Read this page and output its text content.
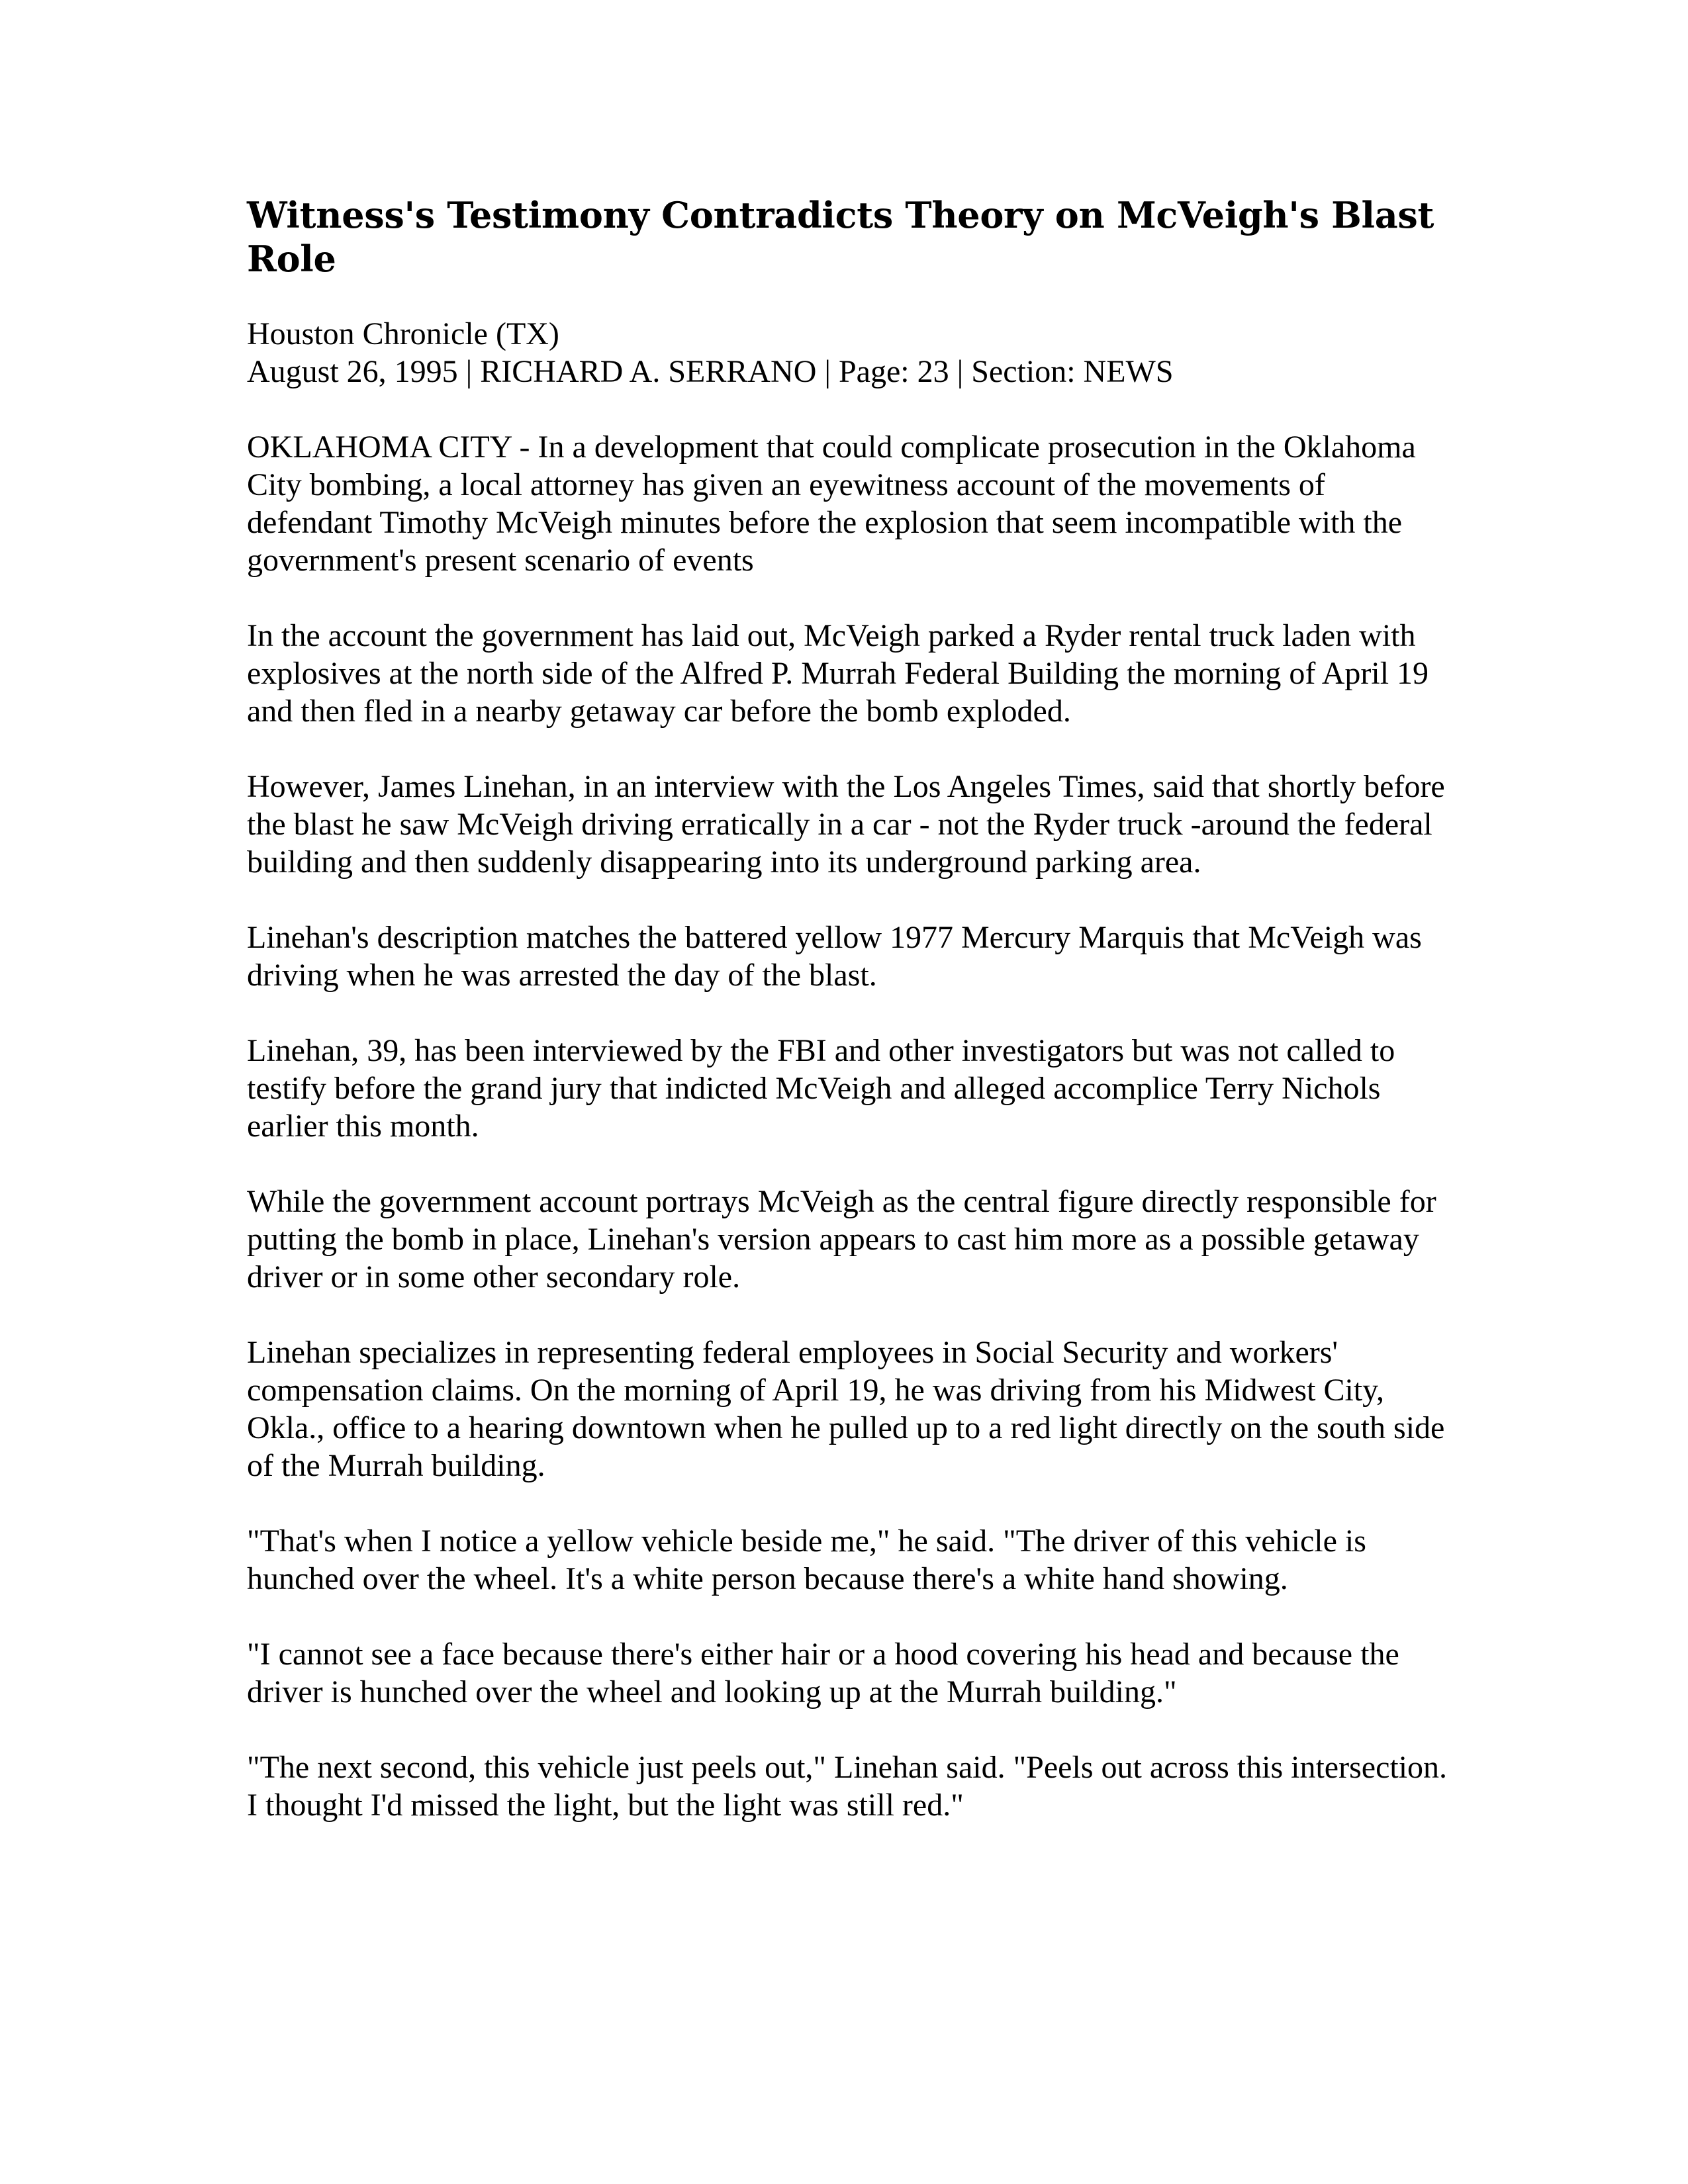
Witness's Testimony Contradicts Theory on McVeigh's Blast Role

Houston Chronicle (TX)

August 26, 1995 | RICHARD A. SERRANO | Page: 23 | Section: NEWS

OKLAHOMA CITY - In a development that could complicate prosecution in the Oklahoma City bombing, a local attorney has given an eyewitness account of the movements of defendant Timothy McVeigh minutes before the explosion that seem incompatible with the government's present scenario of events

In the account the government has laid out, McVeigh parked a Ryder rental truck laden with explosives at the north side of the Alfred P. Murrah Federal Building the morning of April 19 and then fled in a nearby getaway car before the bomb exploded.

However, James Linehan, in an interview with the Los Angeles Times, said that shortly before the blast he saw McVeigh driving erratically in a car - not the Ryder truck -around the federal building and then suddenly disappearing into its underground parking area.

Linehan's description matches the battered yellow 1977 Mercury Marquis that McVeigh was driving when he was arrested the day of the blast.

Linehan, 39, has been interviewed by the FBI and other investigators but was not called to testify before the grand jury that indicted McVeigh and alleged accomplice Terry Nichols earlier this month.

While the government account portrays McVeigh as the central figure directly responsible for putting the bomb in place, Linehan's version appears to cast him more as a possible getaway driver or in some other secondary role.

Linehan specializes in representing federal employees in Social Security and workers' compensation claims. On the morning of April 19, he was driving from his Midwest City, Okla., office to a hearing downtown when he pulled up to a red light directly on the south side of the Murrah building.

"That's when I notice a yellow vehicle beside me," he said. "The driver of this vehicle is hunched over the wheel. It's a white person because there's a white hand showing.

"I cannot see a face because there's either hair or a hood covering his head and because the driver is hunched over the wheel and looking up at the Murrah building."

"The next second, this vehicle just peels out," Linehan said. "Peels out across this intersection. I thought I'd missed the light, but the light was still red."
